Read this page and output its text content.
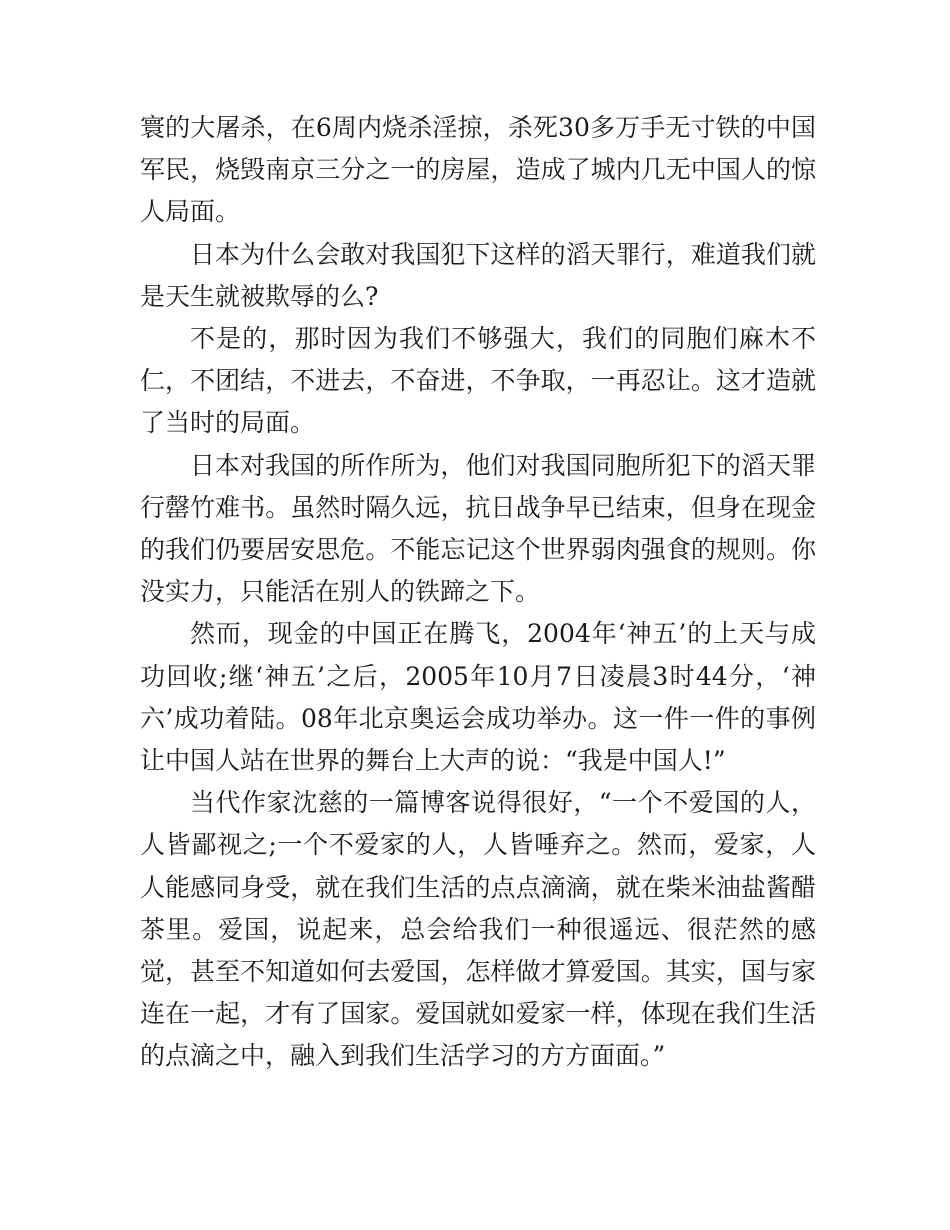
寰的大屠杀，在6周内烧杀淫掠，杀死30多万手无寸铁的中国军民，烧毁南京三分之一的房屋，造成了城内几无中国人的惊人局面。

日本为什么会敢对我国犯下这样的滔天罪行，难道我们就是天生就被欺辱的么?

不是的，那时因为我们不够强大，我们的同胞们麻木不仁，不团结，不进去，不奋进，不争取，一再忍让。这才造就了当时的局面。

日本对我国的所作所为，他们对我国同胞所犯下的滔天罪行罄竹难书。虽然时隔久远，抗日战争早已结束，但身在现金的我们仍要居安思危。不能忘记这个世界弱肉强食的规则。你没实力，只能活在别人的铁蹄之下。

然而，现金的中国正在腾飞，2004年‘神五’的上天与成功回收;继‘神五’之后，2005年10月7日凌晨3时44分，‘神六’成功着陆。08年北京奥运会成功举办。这一件一件的事例让中国人站在世界的舞台上大声的说：“我是中国人!”

当代作家沈慈的一篇博客说得很好，“一个不爱国的人，人皆鄙视之;一个不爱家的人，人皆唾弃之。然而，爱家，人人能感同身受，就在我们生活的点点滴滴，就在柴米油盐酱醋茶里。爱国，说起来，总会给我们一种很遥远、很茫然的感觉，甚至不知道如何去爱国，怎样做才算爱国。其实，国与家连在一起，才有了国家。爱国就如爱家一样，体现在我们生活的点滴之中，融入到我们生活学习的方方面面。”
